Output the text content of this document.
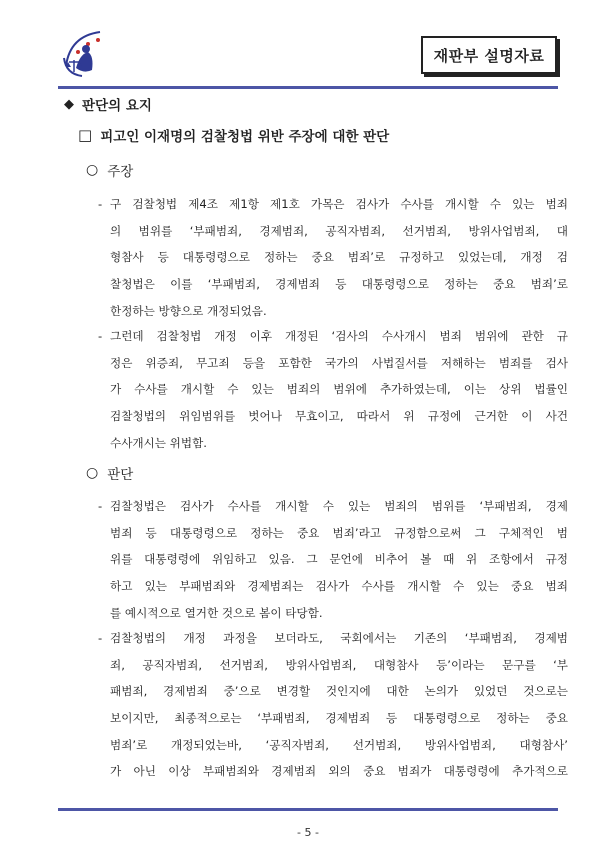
재판부 설명자료
◆ 판단의 요지
□ 피고인 이재명의 검찰청법 위반 주장에 대한 판단
○ 주장
- 구 검찰청법 제4조 제1항 제1호 가목은 검사가 수사를 개시할 수 있는 범죄
의 범위를 ‘부패범죄, 경제범죄, 공직자범죄, 선거범죄, 방위사업범죄, 대
형참사 등 대통령령으로 정하는 중요 범죄’로 규정하고 있었는데, 개정 검
찰청법은 이를 ‘부패범죄, 경제범죄 등 대통령령으로 정하는 중요 범죄’로
한정하는 방향으로 개정되었음.
- 그런데 검찰청법 개정 이후 개정된 ‘검사의 수사개시 범죄 범위에 관한 규
정은 위증죄, 무고죄 등을 포함한 국가의 사법질서를 저해하는 범죄를 검사
가 수사를 개시할 수 있는 범죄의 범위에 추가하였는데, 이는 상위 법률인
검찰청법의 위임범위를 벗어나 무효이고, 따라서 위 규정에 근거한 이 사건
수사개시는 위법함.
○ 판단
- 검찰청법은 검사가 수사를 개시할 수 있는 범죄의 범위를 ‘부패범죄, 경제
범죄 등 대통령령으로 정하는 중요 범죄’라고 규정함으로써 그 구체적인 범
위를 대통령령에 위임하고 있음. 그 문언에 비추어 볼 때 위 조항에서 규정
하고 있는 부패범죄와 경제범죄는 검사가 수사를 개시할 수 있는 중요 범죄
를 예시적으로 열거한 것으로 봄이 타당함.
- 검찰청법의 개정 과정을 보더라도, 국회에서는 기존의 ‘부패범죄, 경제범
죄, 공직자범죄, 선거범죄, 방위사업범죄, 대형참사 등’이라는 문구를 ‘부
패범죄, 경제범죄 중’으로 변경할 것인지에 대한 논의가 있었던 것으로는
보이지만, 최종적으로는 ‘부패범죄, 경제범죄 등 대통령령으로 정하는 중요
범죄’로 개정되었는바, ‘공직자범죄, 선거범죄, 방위사업범죄, 대형참사’
가 아닌 이상 부패범죄와 경제범죄 외의 중요 범죄가 대통령령에 추가적으로
- 5 -
